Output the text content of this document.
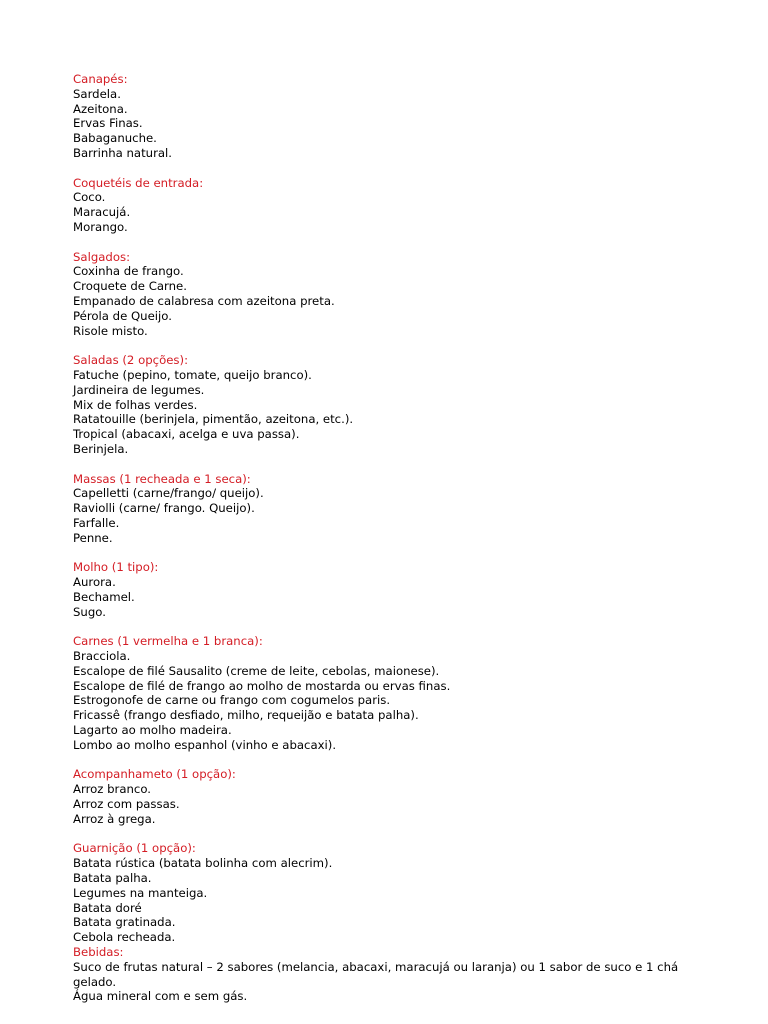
Canapés:
Sardela.
Azeitona.
Ervas Finas.
Babaganuche.
Barrinha natural.
Coquetéis de entrada:
Coco.
Maracujá.
Morango.
Salgados:
Coxinha de frango.
Croquete de Carne.
Empanado de calabresa com azeitona preta.
Pérola de Queijo.
Risole misto.
Saladas (2 opções):
Fatuche (pepino, tomate, queijo branco).
Jardineira de legumes.
Mix de folhas verdes.
Ratatouille (berinjela, pimentão, azeitona, etc.).
Tropical (abacaxi, acelga e uva passa).
Berinjela.
Massas (1 recheada e 1 seca):
Capelletti (carne/frango/ queijo).
Raviolli (carne/ frango. Queijo).
Farfalle.
Penne.
Molho (1 tipo):
Aurora.
Bechamel.
Sugo.
Carnes (1 vermelha e 1 branca):
Bracciola.
Escalope de filé Sausalito (creme de leite, cebolas, maionese).
Escalope de filé de frango ao molho de mostarda ou ervas finas.
Estrogonofe de carne ou frango com cogumelos paris.
Fricassê (frango desfiado, milho, requeijão e batata palha).
Lagarto ao molho madeira.
Lombo ao molho espanhol (vinho e abacaxi).
Acompanhameto (1 opção):
Arroz branco.
Arroz com passas.
Arroz à grega.
Guarnição (1 opção):
Batata rústica (batata bolinha com alecrim).
Batata palha.
Legumes na manteiga.
Batata doré
Batata gratinada.
Cebola recheada.
Bebidas:
Suco de frutas natural – 2 sabores (melancia, abacaxi, maracujá ou laranja) ou 1 sabor de suco e 1 chá gelado.
Água mineral com e sem gás.
